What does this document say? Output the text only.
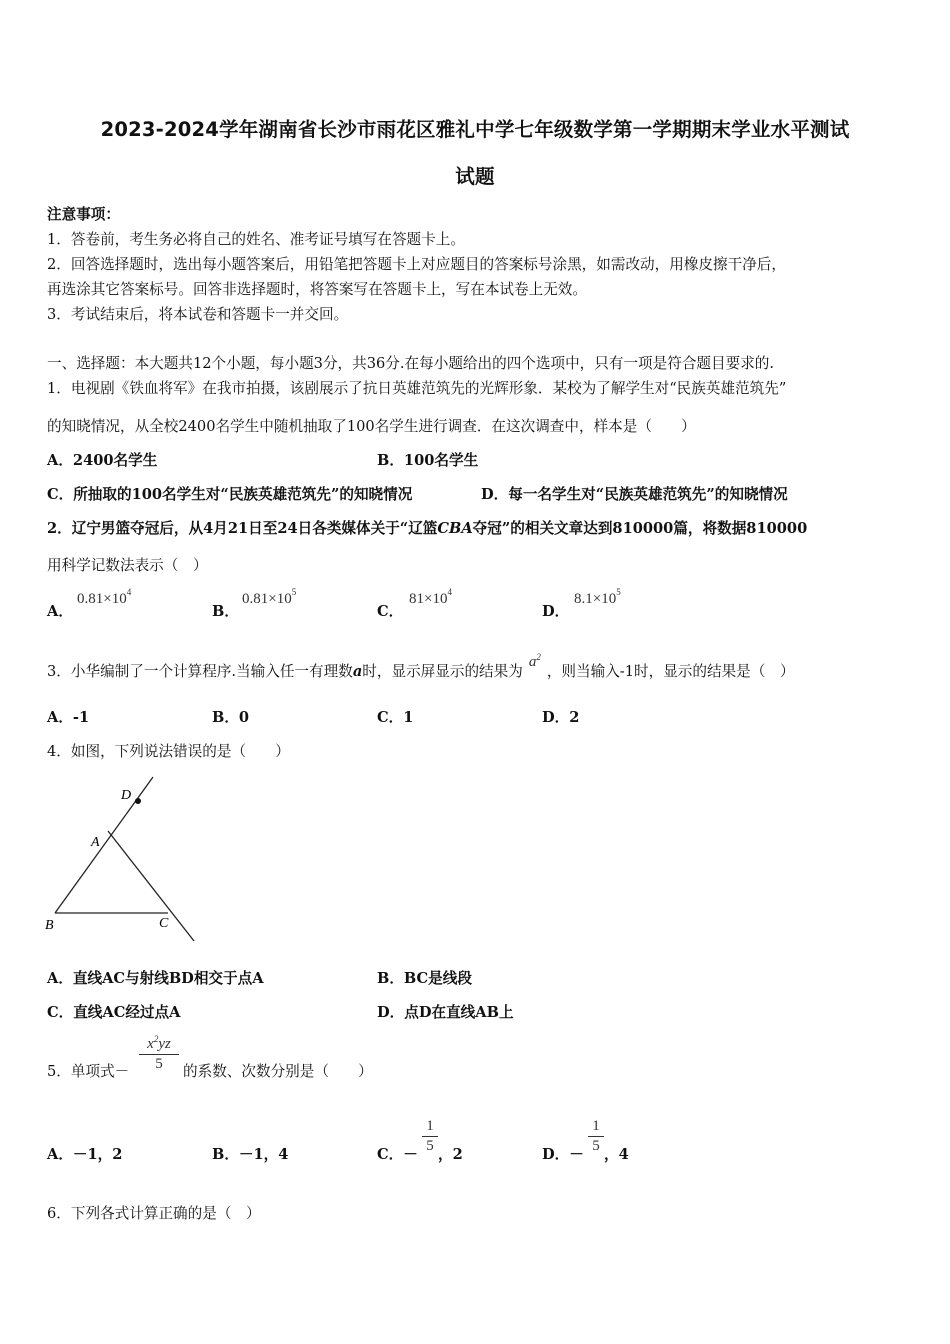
2023-2024学年湖南省长沙市雨花区雅礼中学七年级数学第一学期期末学业水平测试
试题
注意事项：
1．答卷前，考生务必将自己的姓名、准考证号填写在答题卡上。
2．回答选择题时，选出每小题答案后，用铅笔把答题卡上对应题目的答案标号涂黑，如需改动，用橡皮擦干净后，
再选涂其它答案标号。回答非选择题时，将答案写在答题卡上，写在本试卷上无效。
3．考试结束后，将本试卷和答题卡一并交回。
一、选择题：本大题共12个小题，每小题3分，共36分.在每小题给出的四个选项中，只有一项是符合题目要求的.
1．电视剧《铁血将军》在我市拍摄，该剧展示了抗日英雄范筑先的光辉形象．某校为了解学生对“民族英雄范筑先”
的知晓情况，从全校2400名学生中随机抽取了100名学生进行调查．在这次调查中，样本是（　　）
A．2400名学生	B．100名学生
C．所抽取的100名学生对“民族英雄范筑先”的知晓情况	D．每一名学生对“民族英雄范筑先”的知晓情况
2．辽宁男篮夺冠后，从4月21日至24日各类媒体关于“辽篮CBA夺冠”的相关文章达到810000篇，将数据810000
用科学记数法表示（　）
A．
$0.81\times 10^4$
B．
$0.81\times 10^5$
C．
$81\times 10^4$
D．
$8.1\times 10^5$
3．小华编制了一个计算程序.当输入任一有理数a时，显示屏显示的结果为$a^2$，则当输入-1时，显示的结果是（　）
A．-1	B．0	C．1	D．2
4．如图，下列说法错误的是（　　）
D
A
B	C
A．直线AC与射线BD相交于点A	B．BC是线段
C．直线AC经过点A	D．点D在直线AB上
5．单项式－
$x^2yz$
5 的系数、次数分别是（　　）
A．－1，2	B．－1，4	C．－
1
5 ，2	D．－
1
5 ，4
6．下列各式计算正确的是（　）
